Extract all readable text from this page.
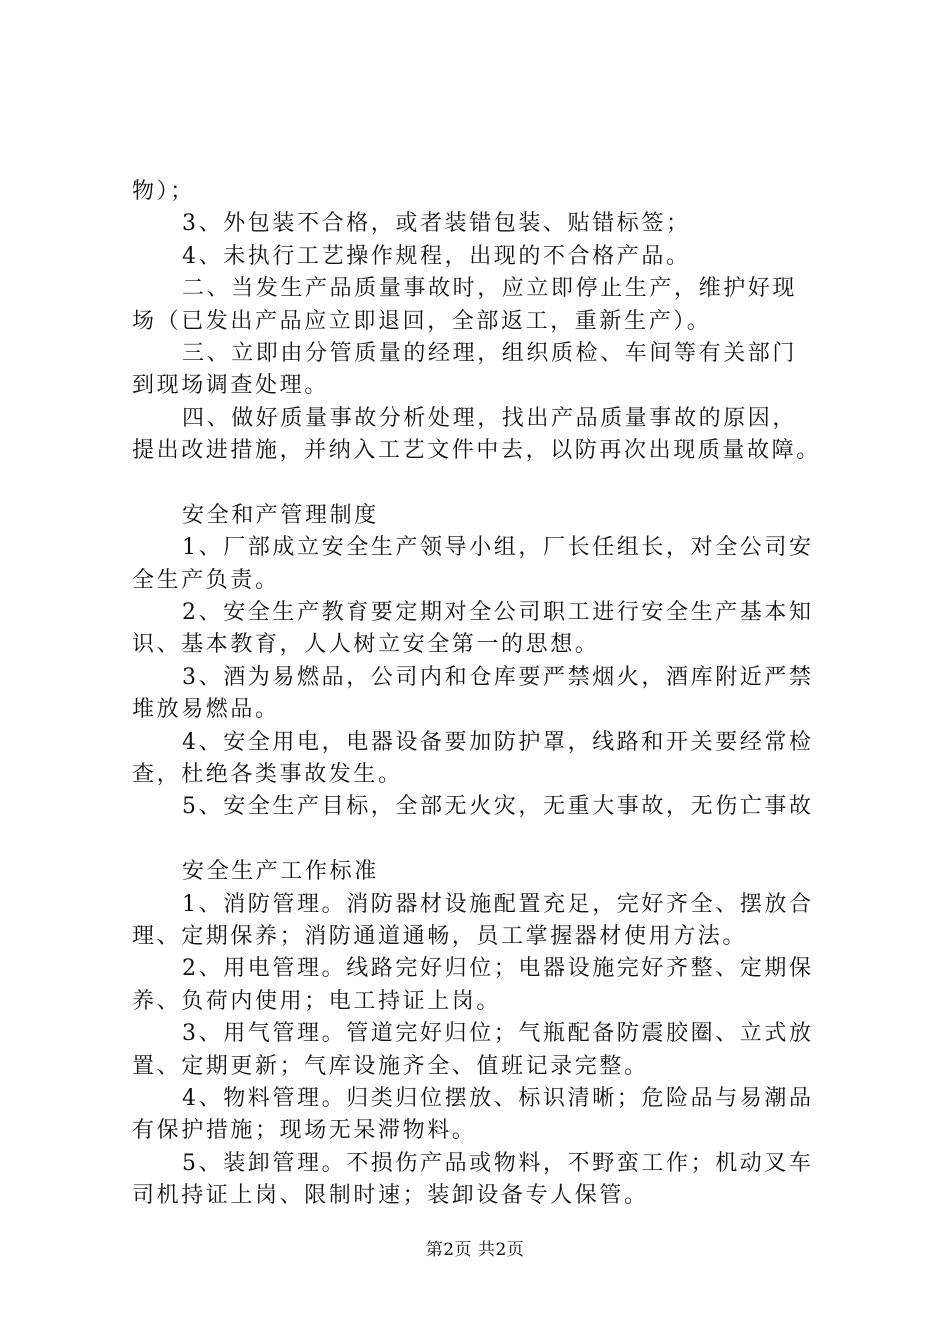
物）；
3、外包装不合格，或者装错包装、贴错标签；
4、未执行工艺操作规程，出现的不合格产品。
二、当发生产品质量事故时，应立即停止生产，维护好现
场（已发出产品应立即退回，全部返工，重新生产）。
三、立即由分管质量的经理，组织质检、车间等有关部门
到现场调查处理。
四、做好质量事故分析处理，找出产品质量事故的原因，
提出改进措施，并纳入工艺文件中去，以防再次出现质量故障。
安全和产管理制度
1、厂部成立安全生产领导小组，厂长任组长，对全公司安
全生产负责。
2、安全生产教育要定期对全公司职工进行安全生产基本知
识、基本教育，人人树立安全第一的思想。
3、酒为易燃品，公司内和仓库要严禁烟火，酒库附近严禁
堆放易燃品。
4、安全用电，电器设备要加防护罩，线路和开关要经常检
查，杜绝各类事故发生。
5、安全生产目标，全部无火灾，无重大事故，无伤亡事故
安全生产工作标准
1、消防管理。消防器材设施配置充足，完好齐全、摆放合
理、定期保养；消防通道通畅，员工掌握器材使用方法。
2、用电管理。线路完好归位；电器设施完好齐整、定期保
养、负荷内使用；电工持证上岗。
3、用气管理。管道完好归位；气瓶配备防震胶圈、立式放
置、定期更新；气库设施齐全、值班记录完整。
4、物料管理。归类归位摆放、标识清晰；危险品与易潮品
有保护措施；现场无呆滞物料。
5、装卸管理。不损伤产品或物料，不野蛮工作；机动叉车
司机持证上岗、限制时速；装卸设备专人保管。
第2页 共2页
